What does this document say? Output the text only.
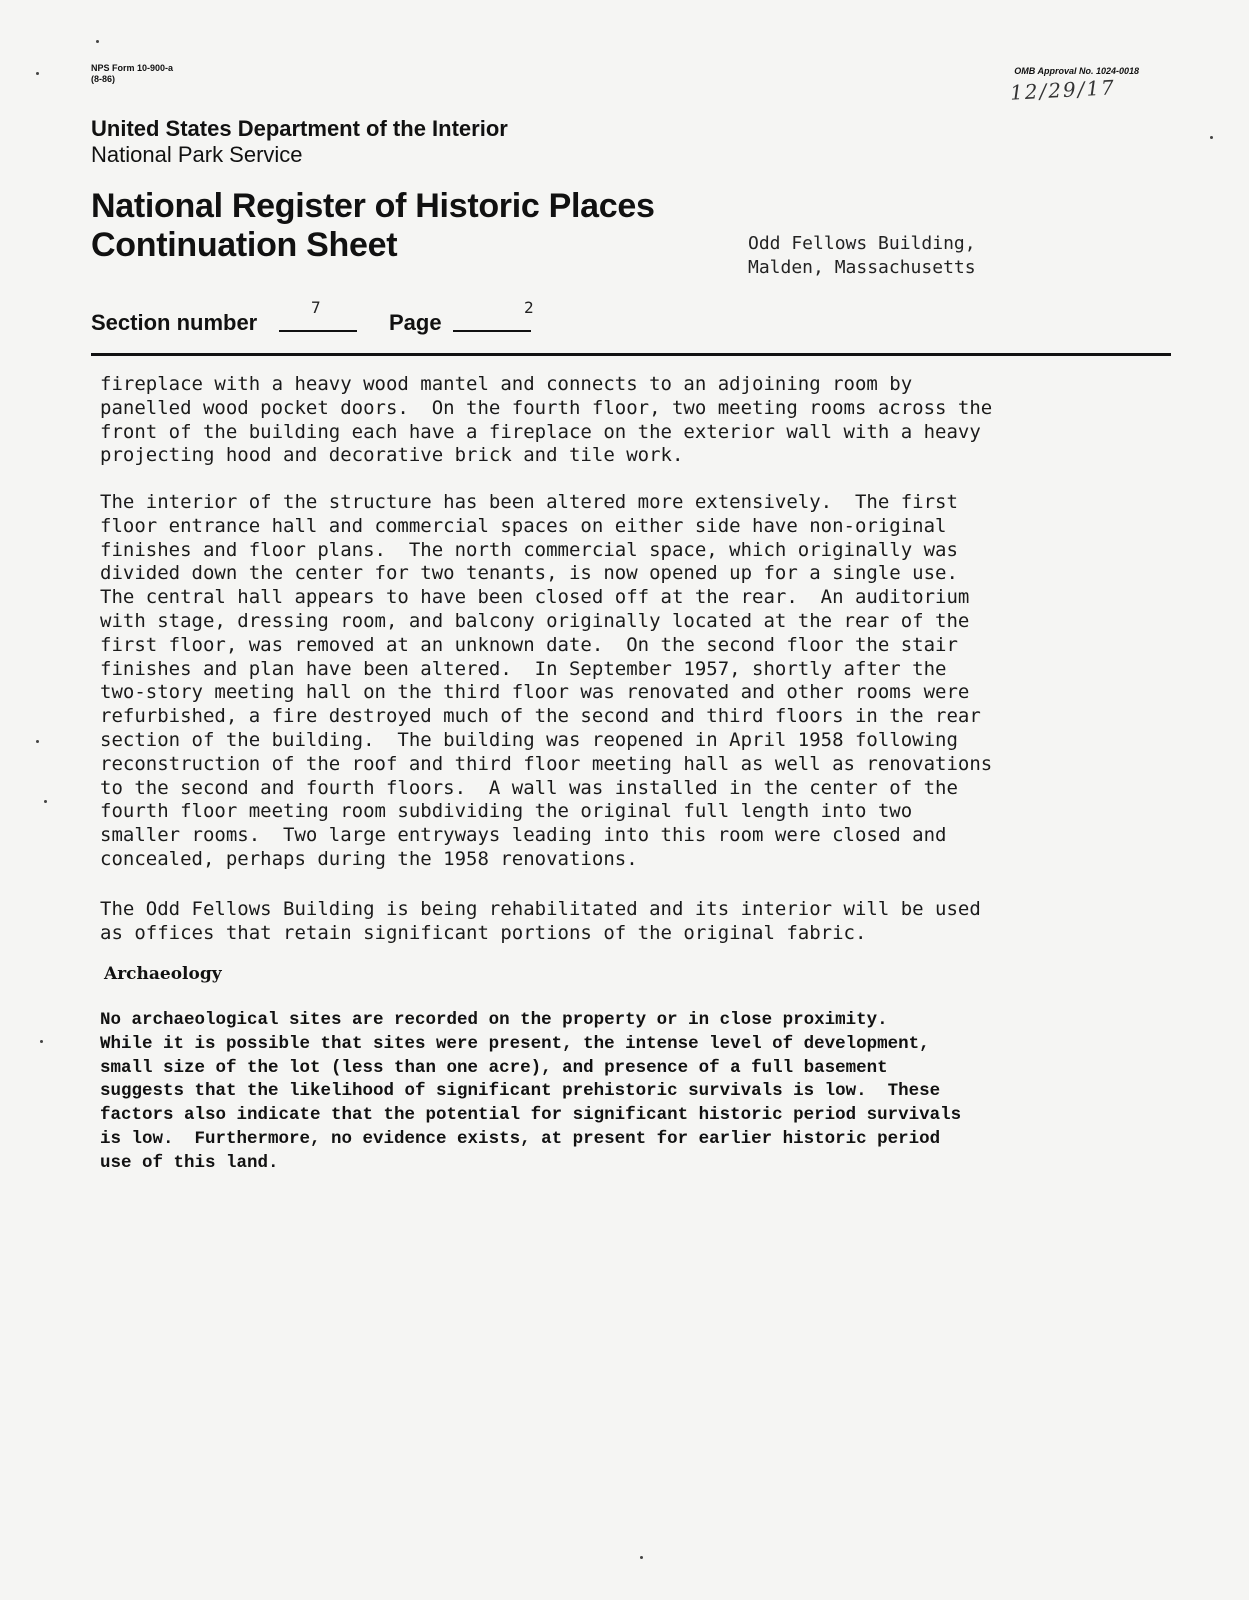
NPS Form 10-900-a
(8-86)
OMB Approval No. 1024-0018
12/29/17
United States Department of the Interior
National Park Service
National Register of Historic Places
Continuation Sheet	Odd Fellows Building,
Malden, Massachusetts
Section number
7
Page
2
fireplace with a heavy wood mantel and connects to an adjoining room by
panelled wood pocket doors.  On the fourth floor, two meeting rooms across the
front of the building each have a fireplace on the exterior wall with a heavy
projecting hood and decorative brick and tile work.
The interior of the structure has been altered more extensively.  The first
floor entrance hall and commercial spaces on either side have non-original
finishes and floor plans.  The north commercial space, which originally was
divided down the center for two tenants, is now opened up for a single use.
The central hall appears to have been closed off at the rear.  An auditorium
with stage, dressing room, and balcony originally located at the rear of the
first floor, was removed at an unknown date.  On the second floor the stair
finishes and plan have been altered.  In September 1957, shortly after the
two-story meeting hall on the third floor was renovated and other rooms were
refurbished, a fire destroyed much of the second and third floors in the rear
section of the building.  The building was reopened in April 1958 following
reconstruction of the roof and third floor meeting hall as well as renovations
to the second and fourth floors.  A wall was installed in the center of the
fourth floor meeting room subdividing the original full length into two
smaller rooms.  Two large entryways leading into this room were closed and
concealed, perhaps during the 1958 renovations.
The Odd Fellows Building is being rehabilitated and its interior will be used
as offices that retain significant portions of the original fabric.
Archaeology
No archaeological sites are recorded on the property or in close proximity.
While it is possible that sites were present, the intense level of development,
small size of the lot (less than one acre), and presence of a full basement
suggests that the likelihood of significant prehistoric survivals is low.  These
factors also indicate that the potential for significant historic period survivals
is low.  Furthermore, no evidence exists, at present for earlier historic period
use of this land.
